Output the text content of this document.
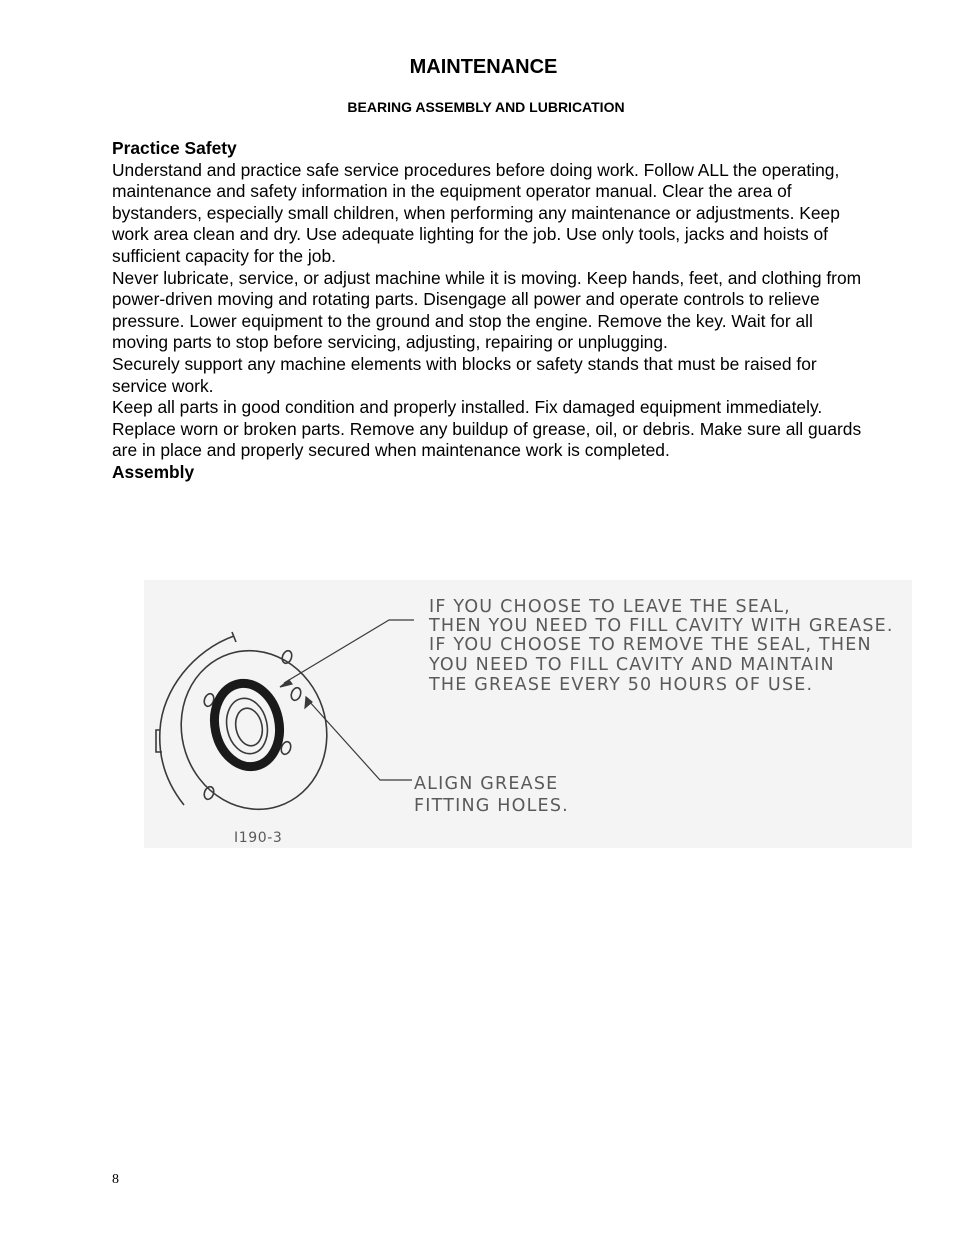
MAINTENANCE
BEARING ASSEMBLY AND LUBRICATION

Practice Safety

Understand and practice safe service procedures before doing work. Follow ALL the operating, maintenance and safety information in the equipment operator manual. Clear the area of bystanders, especially small children, when performing any maintenance or adjustments. Keep work area clean and dry. Use adequate lighting for the job. Use only tools, jacks and hoists of sufficient capacity for the job.

Never lubricate, service, or adjust machine while it is moving. Keep hands, feet, and clothing from power-driven moving and rotating parts. Disengage all power and operate controls to relieve pressure. Lower equipment to the ground and stop the engine. Remove the key. Wait for all moving parts to stop before servicing, adjusting, repairing or unplugging.

Securely support any machine elements with blocks or safety stands that must be raised for service work.

Keep all parts in good condition and properly installed. Fix damaged equipment immediately. Replace worn or broken parts. Remove any buildup of grease, oil, or debris. Make sure all guards are in place and properly secured when maintenance work is completed.

Assembly

IF YOU CHOOSE TO LEAVE THE SEAL,
THEN YOU NEED TO FILL CAVITY WITH GREASE.
IF YOU CHOOSE TO REMOVE THE SEAL, THEN
YOU NEED TO FILL CAVITY AND MAINTAIN
THE GREASE EVERY 50 HOURS OF USE.
ALIGN GREASE
FITTING HOLES.
I190-3
8
